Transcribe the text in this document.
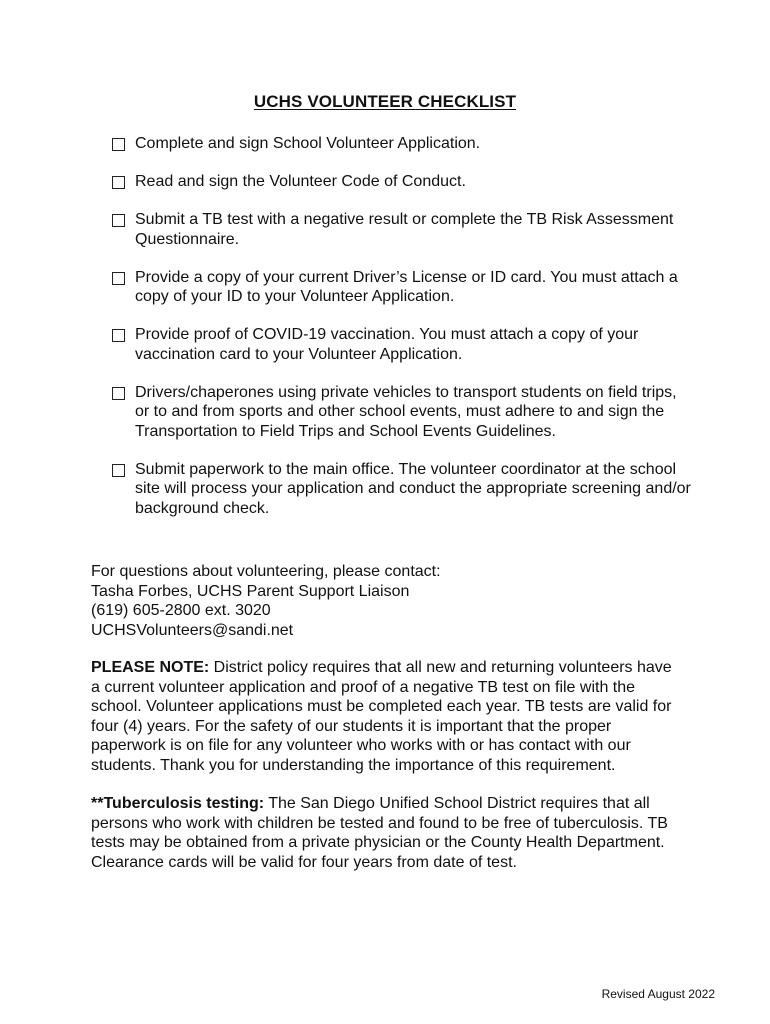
UCHS VOLUNTEER CHECKLIST
Complete and sign School Volunteer Application.
Read and sign the Volunteer Code of Conduct.
Submit a TB test with a negative result or complete the TB Risk Assessment Questionnaire.
Provide a copy of your current Driver’s License or ID card. You must attach a copy of your ID to your Volunteer Application.
Provide proof of COVID-19 vaccination. You must attach a copy of your vaccination card to your Volunteer Application.
Drivers/chaperones using private vehicles to transport students on field trips, or to and from sports and other school events, must adhere to and sign the Transportation to Field Trips and School Events Guidelines.
Submit paperwork to the main office. The volunteer coordinator at the school site will process your application and conduct the appropriate screening and/or background check.
For questions about volunteering, please contact:
Tasha Forbes, UCHS Parent Support Liaison
(619) 605-2800 ext. 3020
UCHSVolunteers@sandi.net
PLEASE NOTE: District policy requires that all new and returning volunteers have a current volunteer application and proof of a negative TB test on file with the school. Volunteer applications must be completed each year. TB tests are valid for four (4) years. For the safety of our students it is important that the proper paperwork is on file for any volunteer who works with or has contact with our students. Thank you for understanding the importance of this requirement.
**Tuberculosis testing: The San Diego Unified School District requires that all persons who work with children be tested and found to be free of tuberculosis. TB tests may be obtained from a private physician or the County Health Department. Clearance cards will be valid for four years from date of test.
Revised August 2022
